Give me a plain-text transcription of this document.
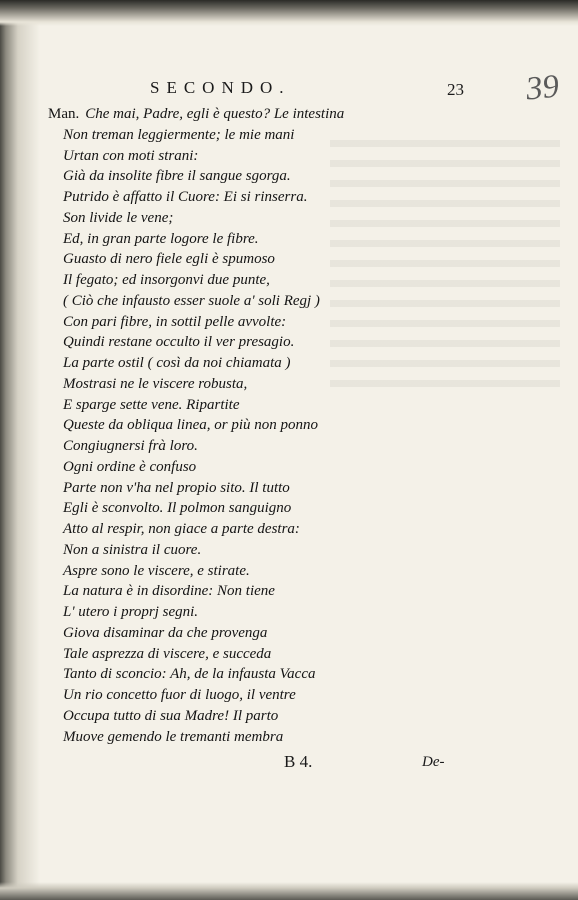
SECONDO.	23 39
Man. Che mai, Padre, egli è questo? Le intestina
Non treman leggiermente; le mie mani
Urtan con moti strani:
Già da insolite fibre il sangue sgorga.
Putrido è affatto il Cuore: Ei si rinserra.
Son livide le vene;
Ed, in gran parte logore le fibre.
Guasto di nero fiele egli è spumoso
Il fegato; ed insorgonvi due punte,
( Ciò che infausto esser suole a' soli Regj )
Con pari fibre, in sottil pelle avvolte:
Quindi restane occulto il ver presagio.
La parte ostil ( così da noi chiamata )
Mostrasi ne le viscere robusta,
E sparge sette vene. Ripartite
Queste da obliqua linea, or più non ponno
Congiugnersi frà loro.
Ogni ordine è confuso
Parte non v'ha nel propio sito. Il tutto
Egli è sconvolto. Il polmon sanguigno
Atto al respir, non giace a parte destra:
Non a sinistra il cuore.
Aspre sono le viscere, e stirate.
La natura è in disordine: Non tiene
L' utero i proprj segni.
Giova disaminar da che provenga
Tale asprezza di viscere, e succeda
Tanto di sconcio: Ah, de la infausta Vacca
Un rio concetto fuor di luogo, il ventre
Occupa tutto di sua Madre! Il parto
Muove gemendo le tremanti membra
B 4.	De-
